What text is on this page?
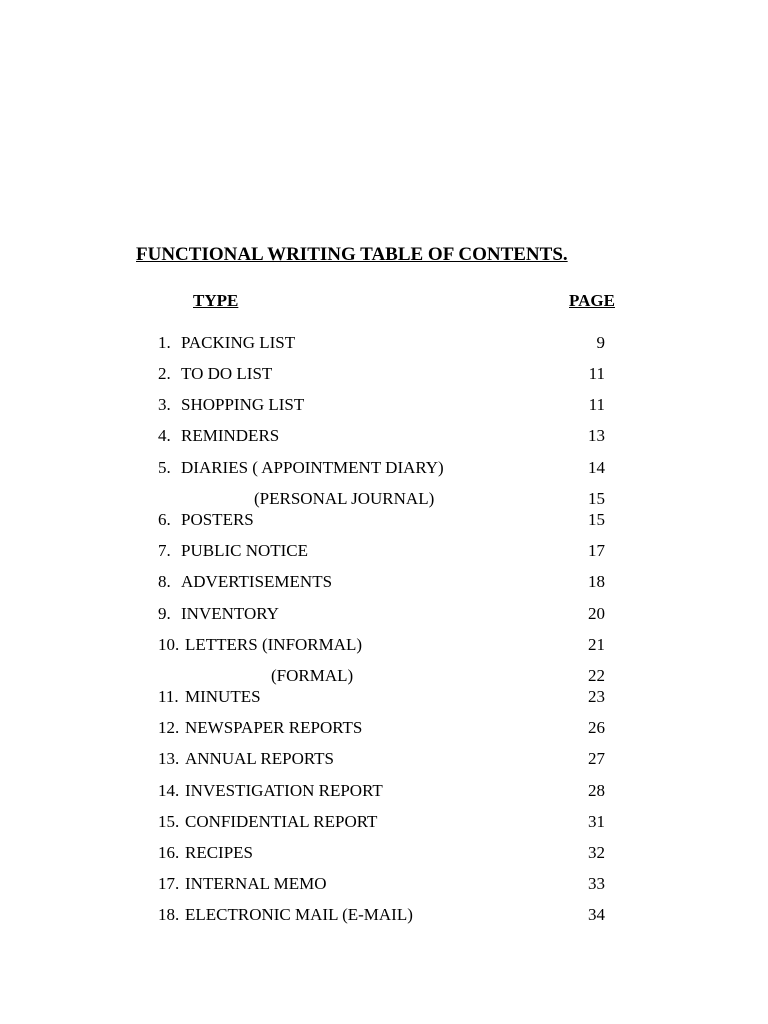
FUNCTIONAL WRITING TABLE OF CONTENTS.
TYPE	PAGE
1. PACKING LIST	9
2. TO DO LIST	11
3. SHOPPING LIST	11
4. REMINDERS	13
5. DIARIES ( APPOINTMENT DIARY)	14
(PERSONAL JOURNAL)	15
6. POSTERS	15
7. PUBLIC NOTICE	17
8. ADVERTISEMENTS	18
9. INVENTORY	20
10. LETTERS (INFORMAL)	21
(FORMAL)	22
11. MINUTES	23
12. NEWSPAPER REPORTS	26
13. ANNUAL REPORTS	27
14. INVESTIGATION REPORT	28
15. CONFIDENTIAL REPORT	31
16. RECIPES	32
17. INTERNAL MEMO	33
18. ELECTRONIC MAIL (E-MAIL)	34
